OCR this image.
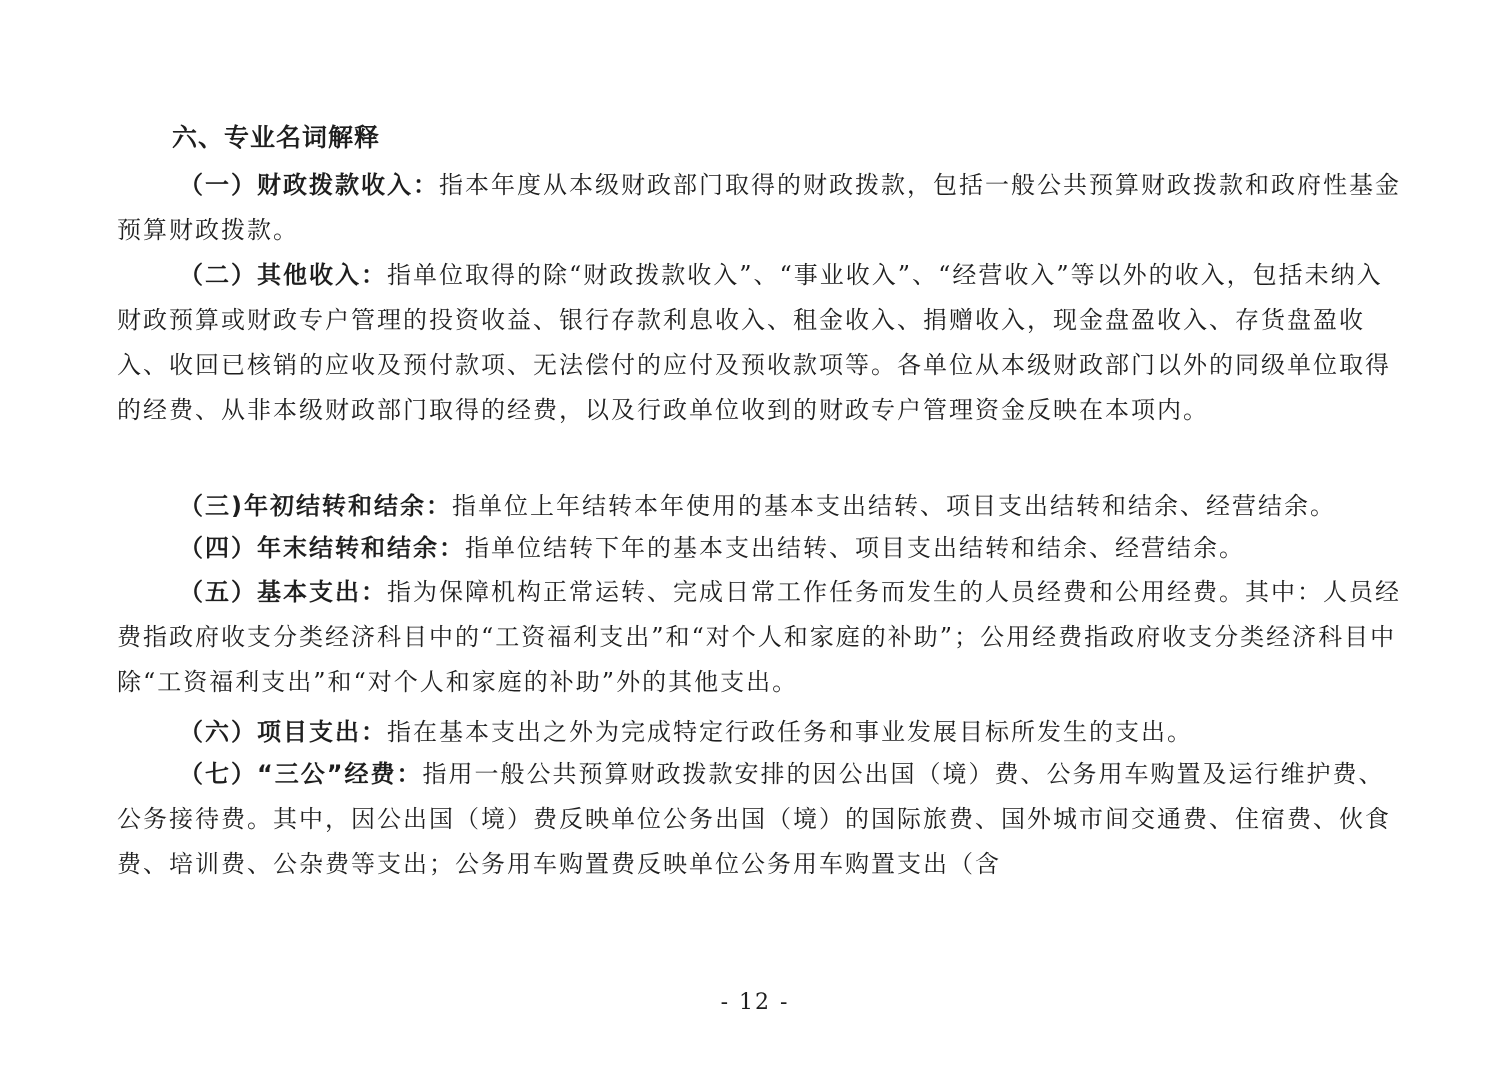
六、专业名词解释

（一）财政拨款收入：指本年度从本级财政部门取得的财政拨款，包括一般公共预算财政拨款和政府性基金预算财政拨款。

（二）其他收入：指单位取得的除“财政拨款收入”、“事业收入”、“经营收入”等以外的收入，包括未纳入财政预算或财政专户管理的投资收益、银行存款利息收入、租金收入、捐赠收入，现金盘盈收入、存货盘盈收入、收回已核销的应收及预付款项、无法偿付的应付及预收款项等。各单位从本级财政部门以外的同级单位取得的经费、从非本级财政部门取得的经费，以及行政单位收到的财政专户管理资金反映在本项内。

（三)年初结转和结余：指单位上年结转本年使用的基本支出结转、项目支出结转和结余、经营结余。

（四）年末结转和结余：指单位结转下年的基本支出结转、项目支出结转和结余、经营结余。

（五）基本支出：指为保障机构正常运转、完成日常工作任务而发生的人员经费和公用经费。其中：人员经费指政府收支分类经济科目中的“工资福利支出”和“对个人和家庭的补助”；公用经费指政府收支分类经济科目中除“工资福利支出”和“对个人和家庭的补助”外的其他支出。

（六）项目支出：指在基本支出之外为完成特定行政任务和事业发展目标所发生的支出。

（七）“三公”经费：指用一般公共预算财政拨款安排的因公出国（境）费、公务用车购置及运行维护费、公务接待费。其中，因公出国（境）费反映单位公务出国（境）的国际旅费、国外城市间交通费、住宿费、伙食费、培训费、公杂费等支出；公务用车购置费反映单位公务用车购置支出（含

- 12 -
